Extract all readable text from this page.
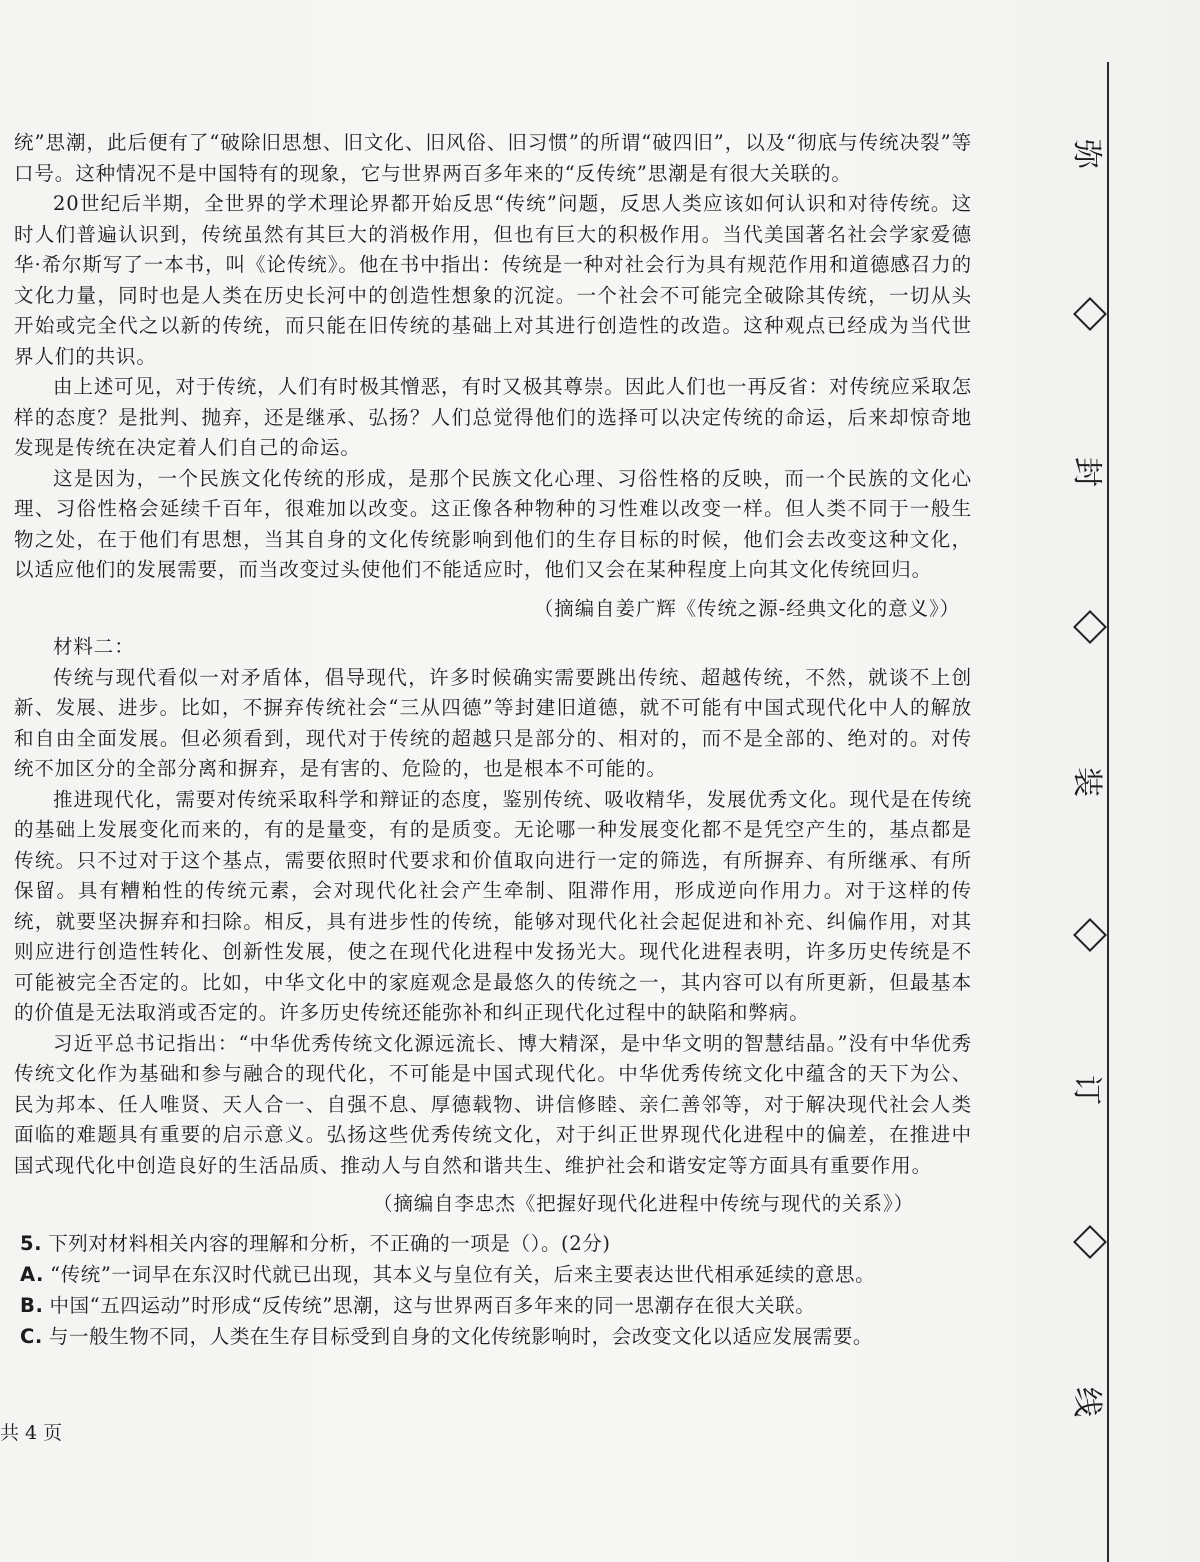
统”思潮，此后便有了“破除旧思想、旧文化、旧风俗、旧习惯”的所谓“破四旧”，以及“彻底与传统决裂”等口号。这种情况不是中国特有的现象，它与世界两百多年来的“反传统”思潮是有很大关联的。

20世纪后半期，全世界的学术理论界都开始反思“传统”问题，反思人类应该如何认识和对待传统。这时人们普遍认识到，传统虽然有其巨大的消极作用，但也有巨大的积极作用。当代美国著名社会学家爱德华·希尔斯写了一本书，叫《论传统》。他在书中指出：传统是一种对社会行为具有规范作用和道德感召力的文化力量，同时也是人类在历史长河中的创造性想象的沉淀。一个社会不可能完全破除其传统，一切从头开始或完全代之以新的传统，而只能在旧传统的基础上对其进行创造性的改造。这种观点已经成为当代世界人们的共识。

由上述可见，对于传统，人们有时极其憎恶，有时又极其尊崇。因此人们也一再反省：对传统应采取怎样的态度？是批判、抛弃，还是继承、弘扬？人们总觉得他们的选择可以决定传统的命运，后来却惊奇地发现是传统在决定着人们自己的命运。

这是因为，一个民族文化传统的形成，是那个民族文化心理、习俗性格的反映，而一个民族的文化心理、习俗性格会延续千百年，很难加以改变。这正像各种物种的习性难以改变一样。但人类不同于一般生物之处，在于他们有思想，当其自身的文化传统影响到他们的生存目标的时候，他们会去改变这种文化，以适应他们的发展需要，而当改变过头使他们不能适应时，他们又会在某种程度上向其文化传统回归。

（摘编自姜广辉《传统之源-经典文化的意义》）

材料二：

传统与现代看似一对矛盾体，倡导现代，许多时候确实需要跳出传统、超越传统，不然，就谈不上创新、发展、进步。比如，不摒弃传统社会“三从四德”等封建旧道德，就不可能有中国式现代化中人的解放和自由全面发展。但必须看到，现代对于传统的超越只是部分的、相对的，而不是全部的、绝对的。对传统不加区分的全部分离和摒弃，是有害的、危险的，也是根本不可能的。

推进现代化，需要对传统采取科学和辩证的态度，鉴别传统、吸收精华，发展优秀文化。现代是在传统的基础上发展变化而来的，有的是量变，有的是质变。无论哪一种发展变化都不是凭空产生的，基点都是传统。只不过对于这个基点，需要依照时代要求和价值取向进行一定的筛选，有所摒弃、有所继承、有所保留。具有糟粕性的传统元素，会对现代化社会产生牵制、阻滞作用，形成逆向作用力。对于这样的传统，就要坚决摒弃和扫除。相反，具有进步性的传统，能够对现代化社会起促进和补充、纠偏作用，对其则应进行创造性转化、创新性发展，使之在现代化进程中发扬光大。现代化进程表明，许多历史传统是不可能被完全否定的。比如，中华文化中的家庭观念是最悠久的传统之一，其内容可以有所更新，但最基本的价值是无法取消或否定的。许多历史传统还能弥补和纠正现代化过程中的缺陷和弊病。

习近平总书记指出：“中华优秀传统文化源远流长、博大精深，是中华文明的智慧结晶。”没有中华优秀传统文化作为基础和参与融合的现代化，不可能是中国式现代化。中华优秀传统文化中蕴含的天下为公、民为邦本、任人唯贤、天人合一、自强不息、厚德载物、讲信修睦、亲仁善邻等，对于解决现代社会人类面临的难题具有重要的启示意义。弘扬这些优秀传统文化，对于纠正世界现代化进程中的偏差，在推进中国式现代化中创造良好的生活品质、推动人与自然和谐共生、维护社会和谐安定等方面具有重要作用。

（摘编自李忠杰《把握好现代化进程中传统与现代的关系》）

5. 下列对材料相关内容的理解和分析，不正确的一项是（）。(2分)
A. “传统”一词早在东汉时代就已出现，其本义与皇位有关，后来主要表达世代相承延续的意思。
B. 中国“五四运动”时形成“反传统”思潮，这与世界两百多年来的同一思潮存在很大关联。
C. 与一般生物不同，人类在生存目标受到自身的文化传统影响时，会改变文化以适应发展需要。
共 4 页
弥
封
装
订
线
